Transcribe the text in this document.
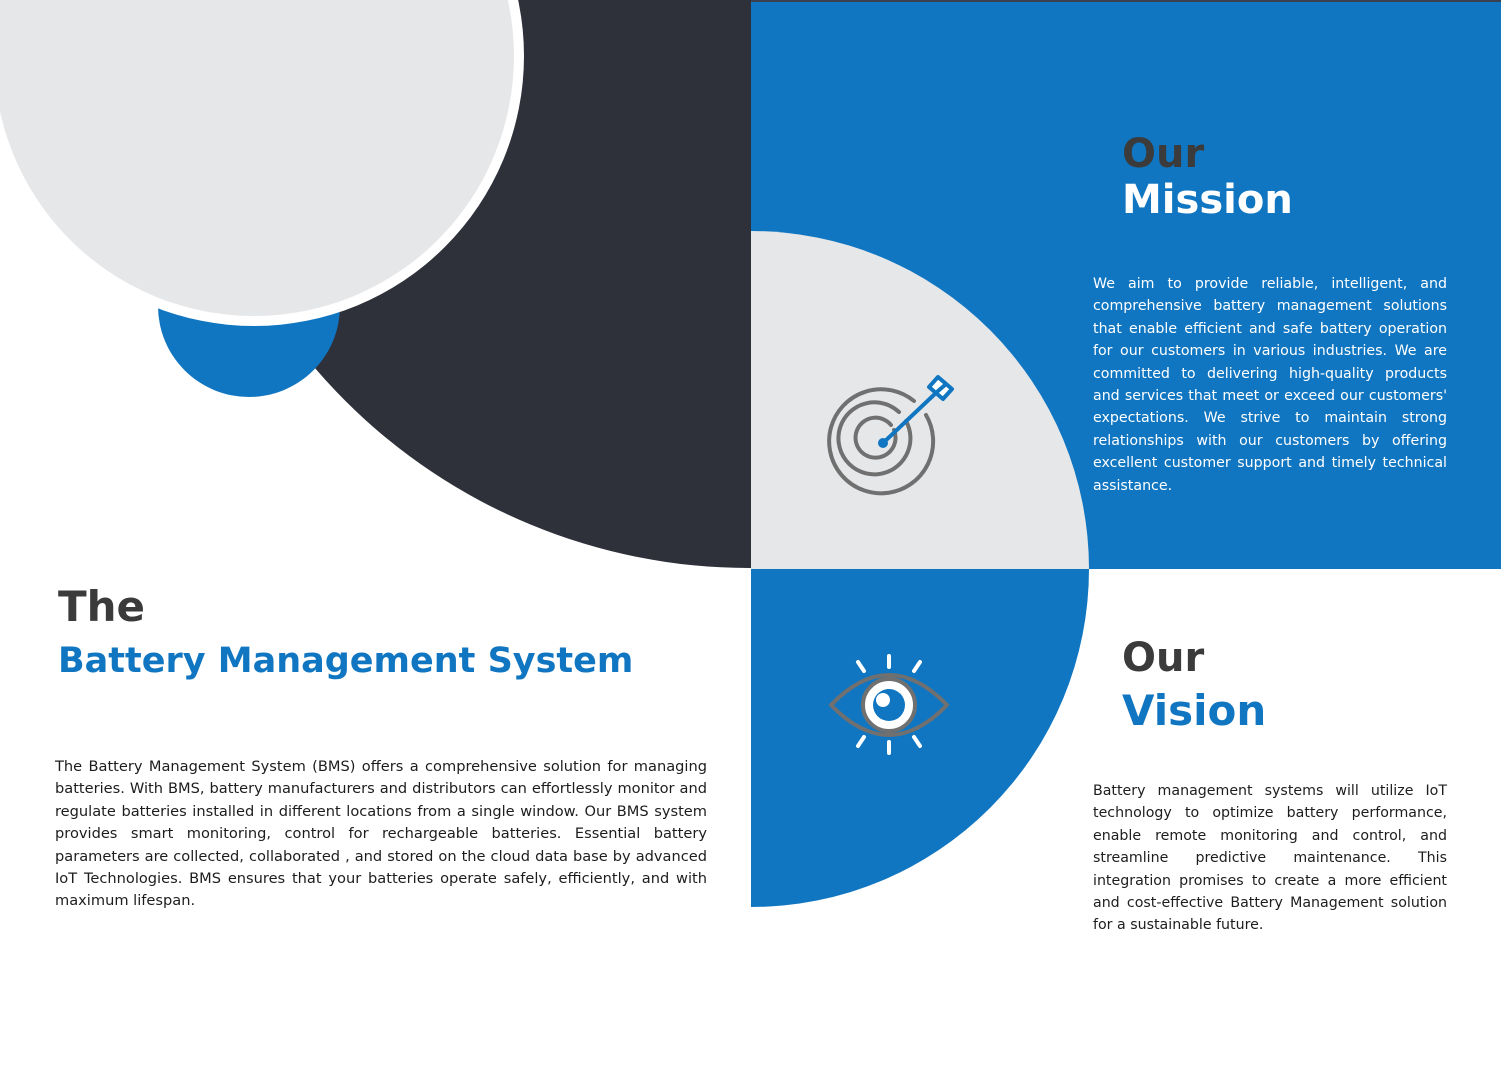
Our
Mission

We aim to provide reliable, intelligent, and comprehensive battery management solutions that enable efficient and safe battery operation for our customers in various industries. We are committed to delivering high-quality products and services that meet or exceed our customers' expectations. We strive to maintain strong relationships with our customers by offering excellent customer support and timely technical assistance.

Our
Vision

Battery management systems will utilize IoT technology to optimize battery performance, enable remote monitoring and control, and streamline predictive maintenance. This integration promises to create a more efficient and cost-effective Battery Management solution for a sustainable future.

The
Battery Management System

The Battery Management System (BMS) offers a comprehensive solution for managing batteries. With BMS, battery manufacturers and distributors can effortlessly monitor and regulate batteries installed in different locations from a single window. Our BMS system provides smart monitoring, control for rechargeable batteries. Essential battery parameters are collected, collaborated , and stored on the cloud data base by advanced IoT Technologies. BMS ensures that your batteries operate safely, efficiently, and with maximum lifespan.
